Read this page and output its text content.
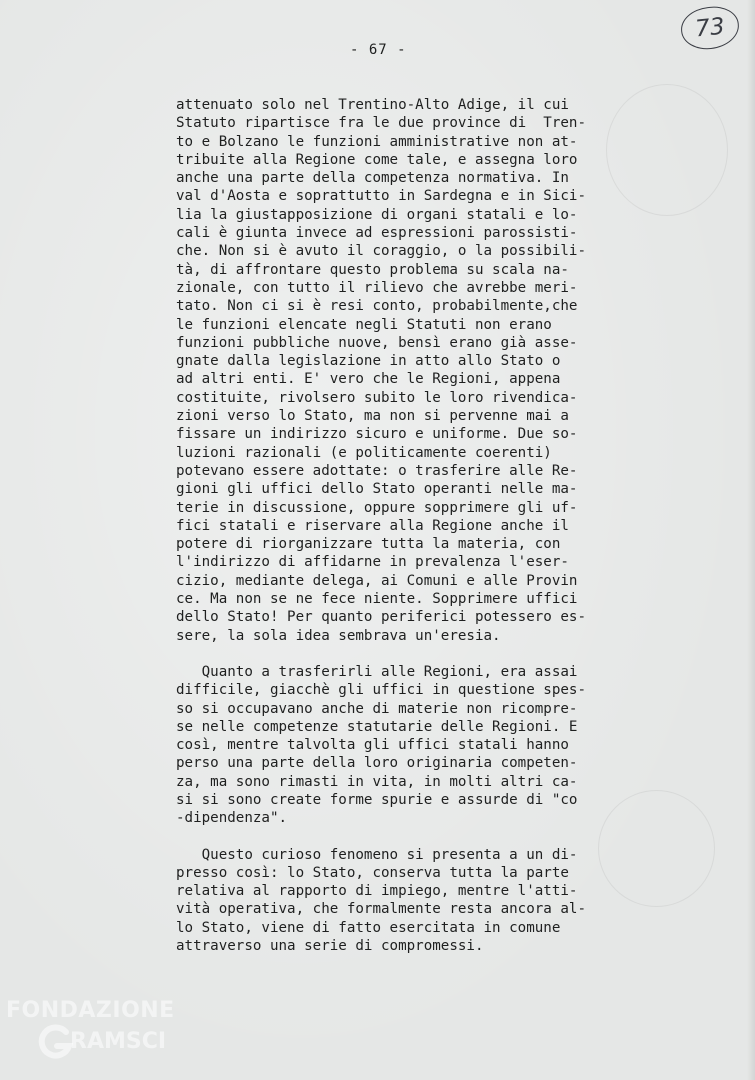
73
- 67 -
attenuato solo nel Trentino-Alto Adige, il cui
Statuto ripartisce fra le due province di  Tren-
to e Bolzano le funzioni amministrative non at-
tribuite alla Regione come tale, e assegna loro
anche una parte della competenza normativa. In
val d'Aosta e soprattutto in Sardegna e in Sici-
lia la giustapposizione di organi statali e lo-
cali è giunta invece ad espressioni parossisti-
che. Non si è avuto il coraggio, o la possibili-
tà, di affrontare questo problema su scala na-
zionale, con tutto il rilievo che avrebbe meri-
tato. Non ci si è resi conto, probabilmente,che
le funzioni elencate negli Statuti non erano
funzioni pubbliche nuove, bensì erano già asse-
gnate dalla legislazione in atto allo Stato o
ad altri enti. E' vero che le Regioni, appena
costituite, rivolsero subito le loro rivendica-
zioni verso lo Stato, ma non si pervenne mai a
fissare un indirizzo sicuro e uniforme. Due so-
luzioni razionali (e politicamente coerenti)
potevano essere adottate: o trasferire alle Re-
gioni gli uffici dello Stato operanti nelle ma-
terie in discussione, oppure sopprimere gli uf-
fici statali e riservare alla Regione anche il
potere di riorganizzare tutta la materia, con
l'indirizzo di affidarne in prevalenza l'eser-
cizio, mediante delega, ai Comuni e alle Provin
ce. Ma non se ne fece niente. Sopprimere uffici
dello Stato! Per quanto periferici potessero es-
sere, la sola idea sembrava un'eresia.
Quanto a trasferirli alle Regioni, era assai
difficile, giacchè gli uffici in questione spes-
so si occupavano anche di materie non ricompre-
se nelle competenze statutarie delle Regioni. E
così, mentre talvolta gli uffici statali hanno
perso una parte della loro originaria competen-
za, ma sono rimasti in vita, in molti altri ca-
si si sono create forme spurie e assurde di "co
-dipendenza".
Questo curioso fenomeno si presenta a un di-
presso così: lo Stato, conserva tutta la parte
relativa al rapporto di impiego, mentre l'atti-
vità operativa, che formalmente resta ancora al-
lo Stato, viene di fatto esercitata in comune
attraverso una serie di compromessi.
FONDAZIONE
RAMSCI
